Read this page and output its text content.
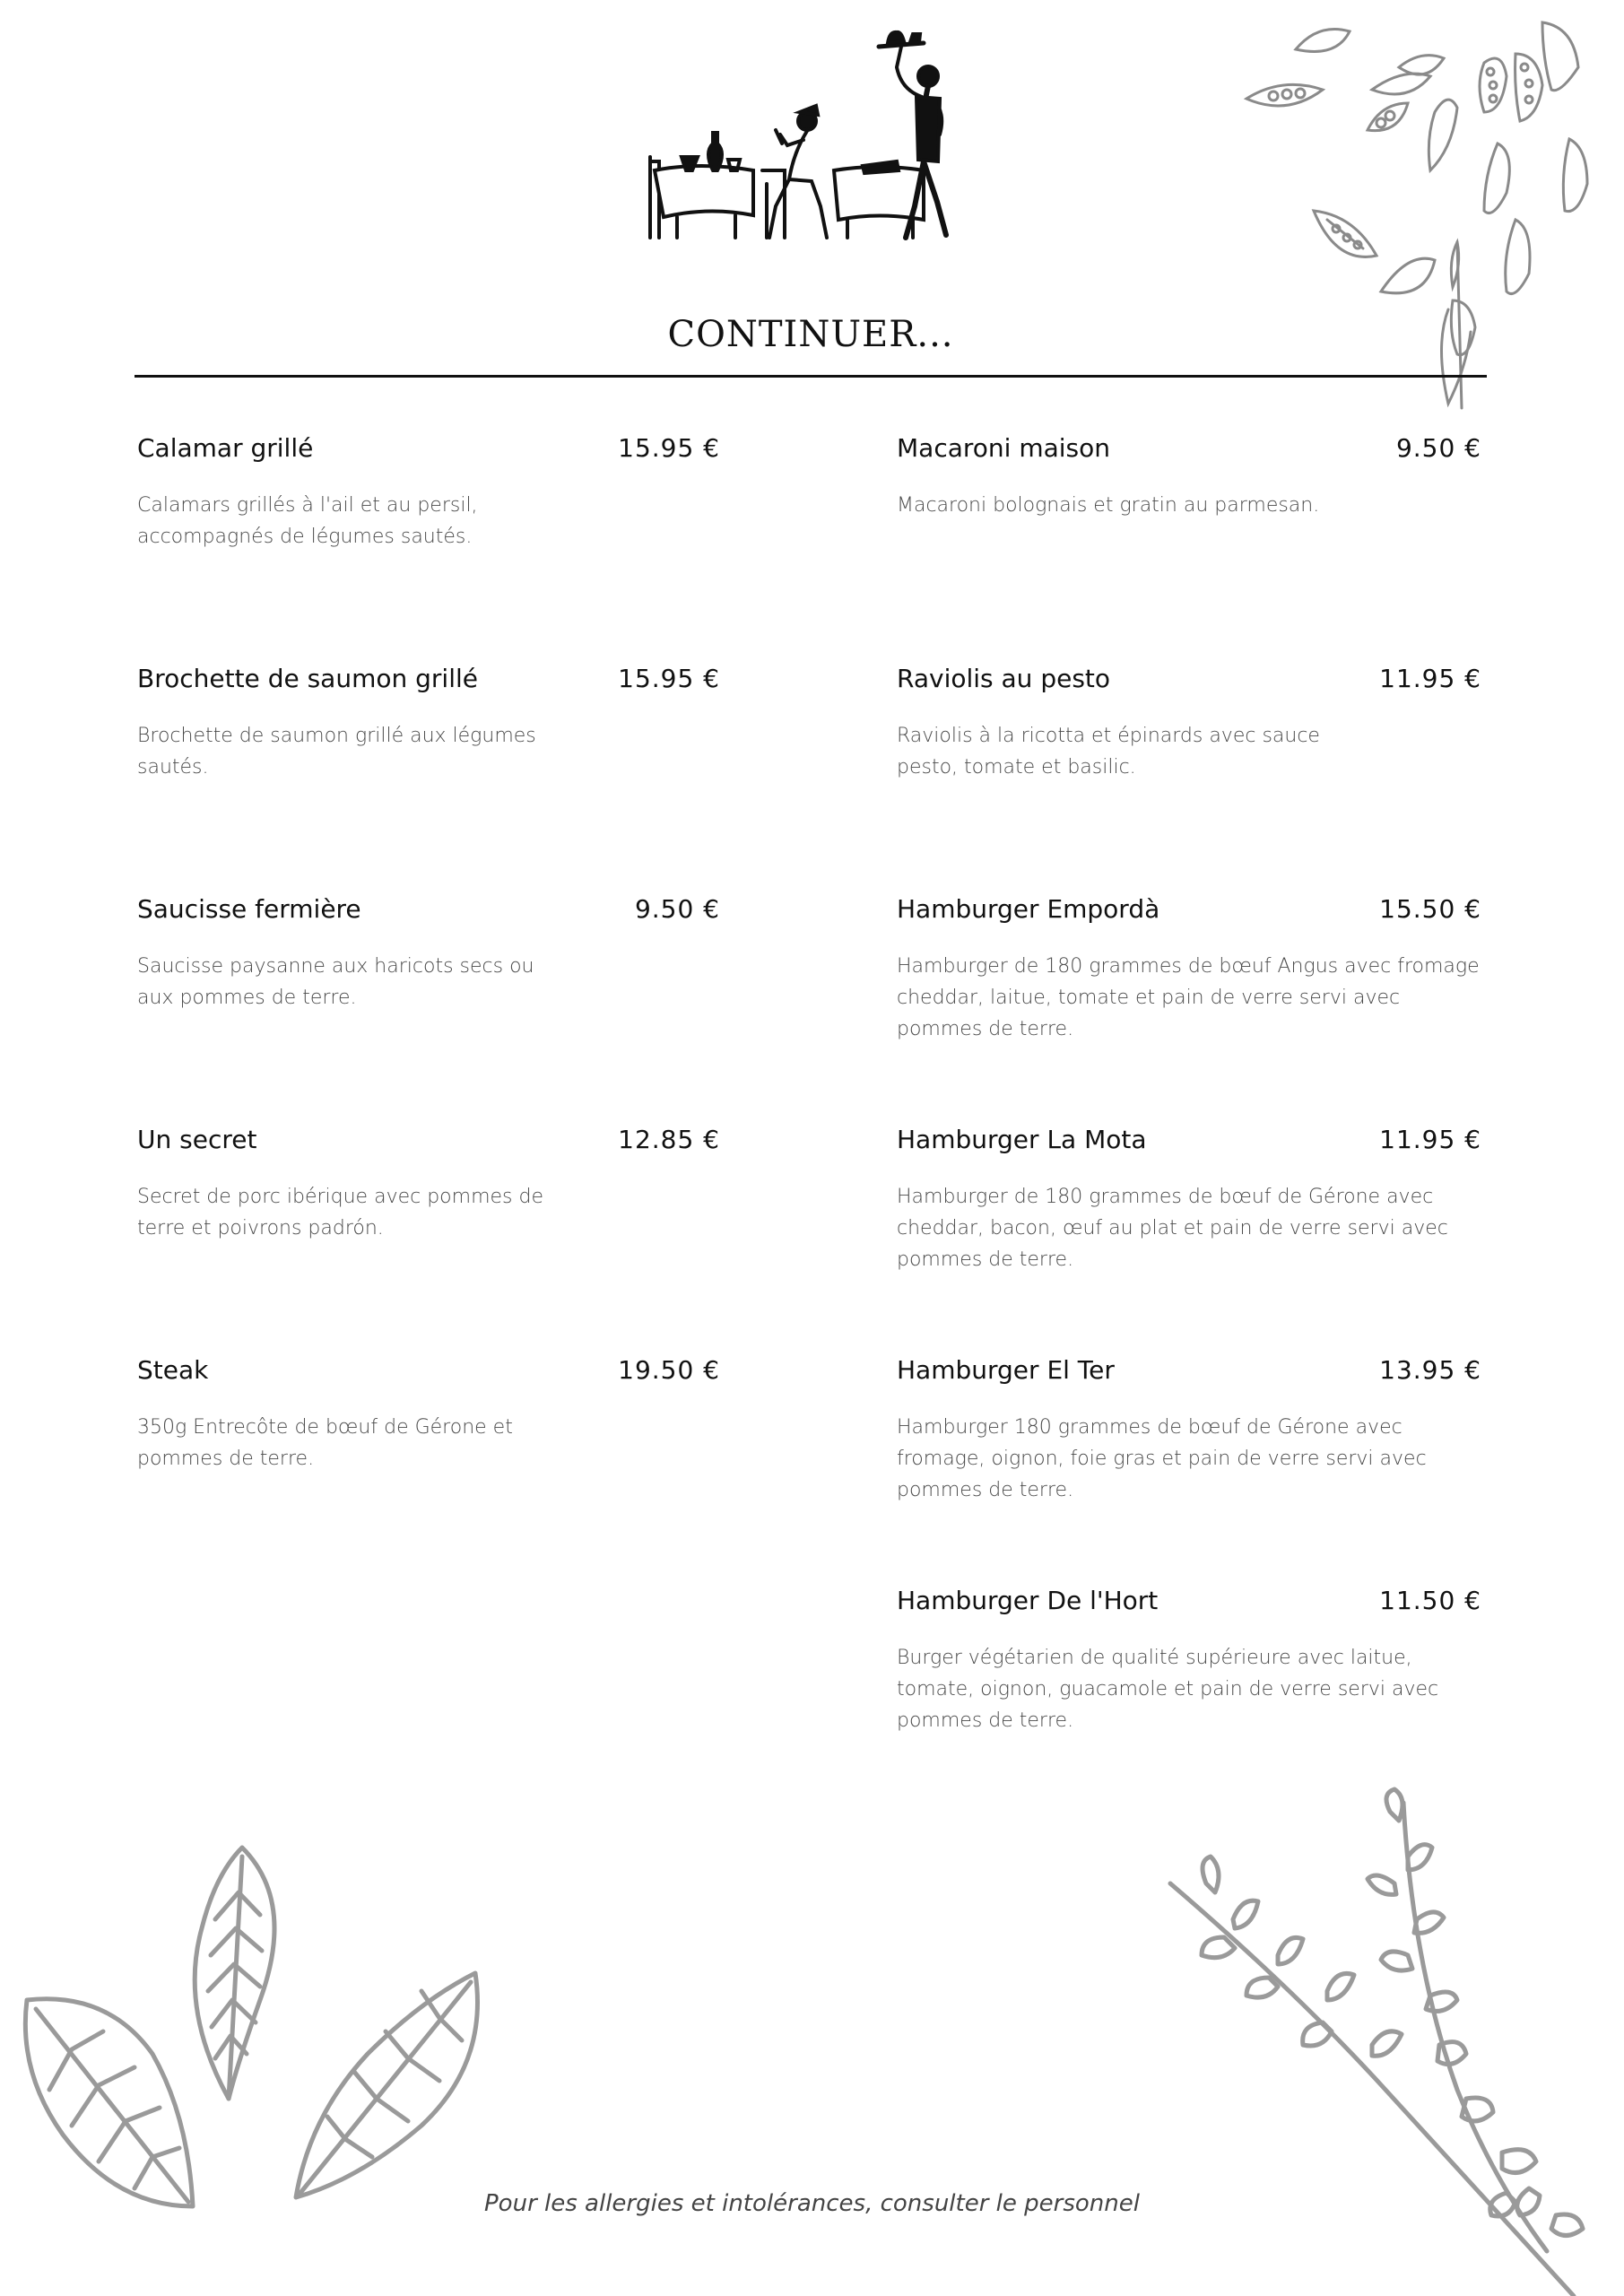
CONTINUER...
Calamar grillé	15.95 €
Calamars grillés à l'ail et au persil, accompagnés de légumes sautés.
Brochette de saumon grillé	15.95 €
Brochette de saumon grillé aux légumes sautés.
Saucisse fermière	9.50 €
Saucisse paysanne aux haricots secs ou aux pommes de terre.
Un secret	12.85 €
Secret de porc ibérique avec pommes de terre et poivrons padrón.
Steak	19.50 €
350g Entrecôte de bœuf de Gérone et pommes de terre.
Macaroni maison	9.50 €
Macaroni bolognais et gratin au parmesan.
Raviolis au pesto	11.95 €
Raviolis à la ricotta et épinards avec sauce pesto, tomate et basilic.
Hamburger Empordà	15.50 €
Hamburger de 180 grammes de bœuf Angus avec fromage cheddar, laitue, tomate et pain de verre servi avec pommes de terre.
Hamburger La Mota	11.95 €
Hamburger de 180 grammes de bœuf de Gérone avec cheddar, bacon, œuf au plat et pain de verre servi avec pommes de terre.
Hamburger El Ter	13.95 €
Hamburger 180 grammes de bœuf de Gérone avec fromage, oignon, foie gras et pain de verre servi avec pommes de terre.
Hamburger De l'Hort	11.50 €
Burger végétarien de qualité supérieure avec laitue, tomate, oignon, guacamole et pain de verre servi avec pommes de terre.
Pour les allergies et intolérances, consulter le personnel
